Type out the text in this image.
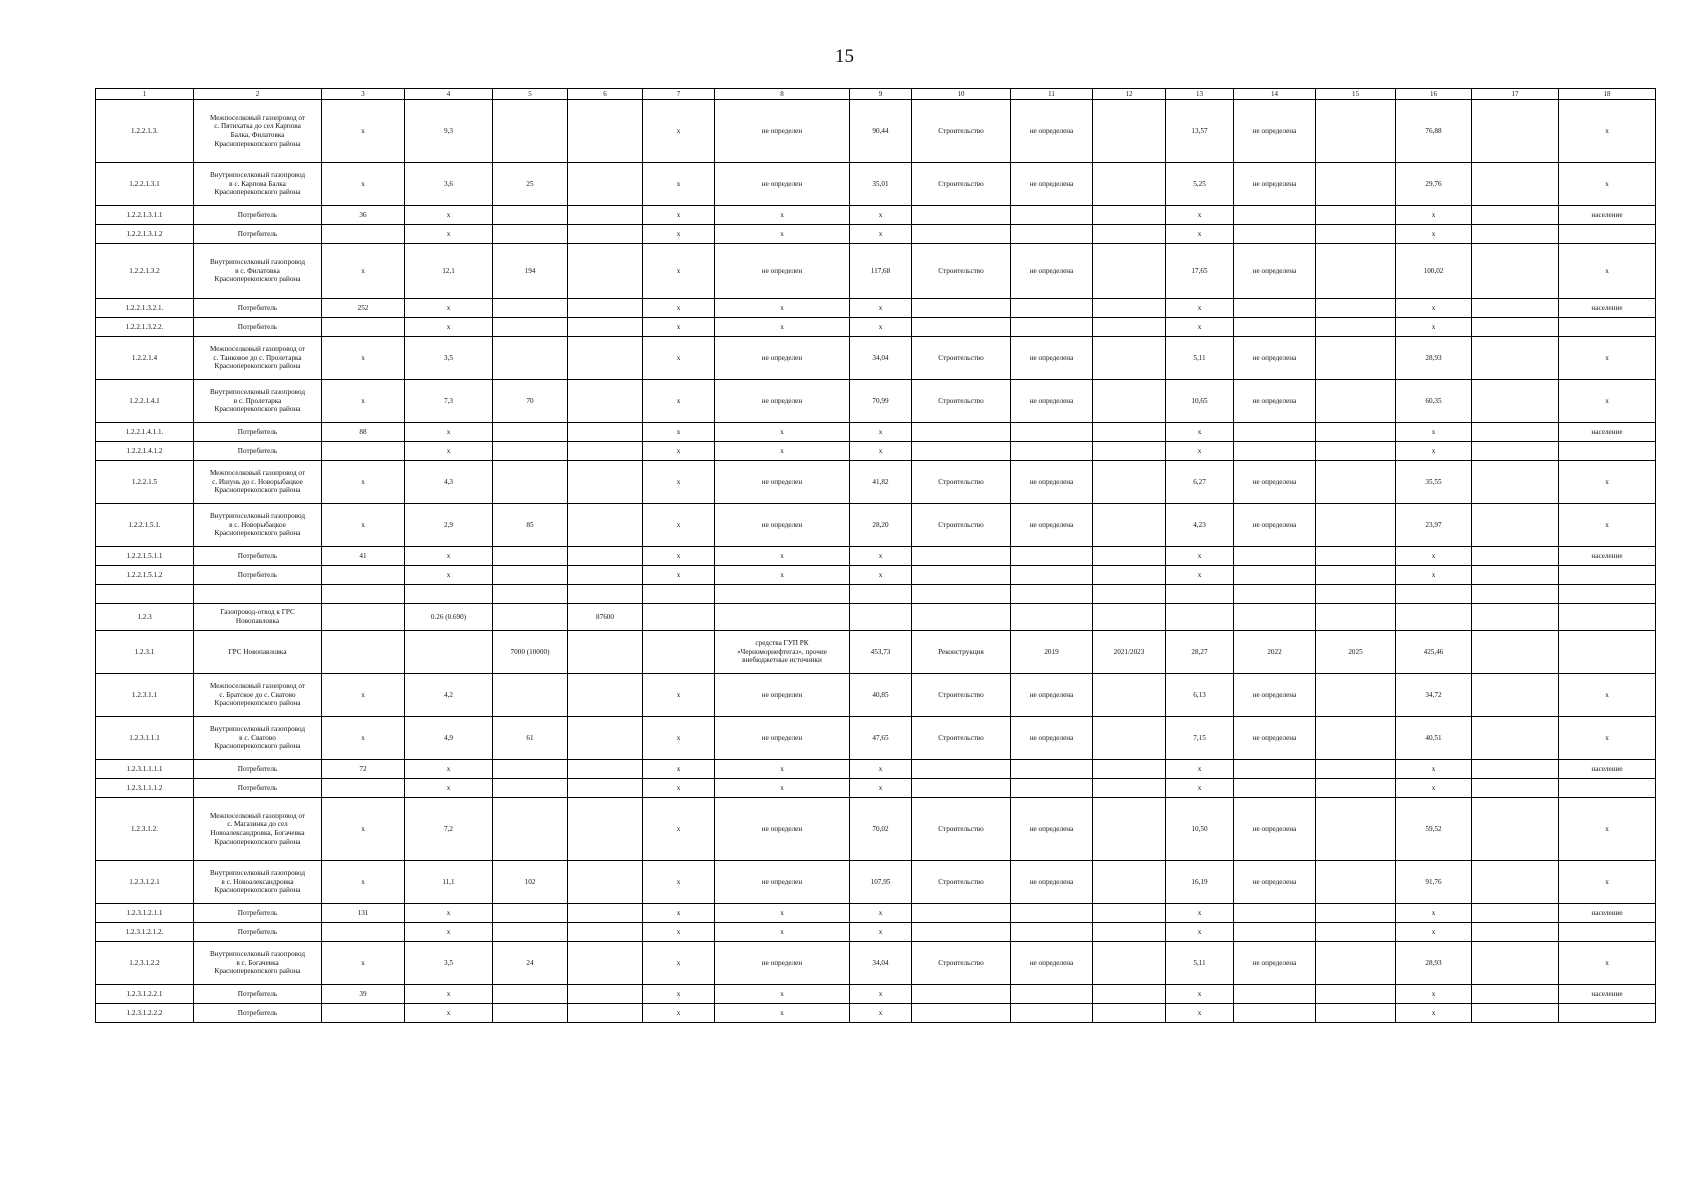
15
1	2	3	4	5	6	7	8	9	10	11	12	13	14	15	16	17	18
1.2.2.1.3.	Межпоселковый газопровод от
с. Пятихатка до сел Карпова
Балка, Филатовка
Красноперекопского района	x	9,3			x	не определен	90,44	Строительство	не определена		13,57	не определена		76,88		x
1.2.2.1.3.1	Внутрипоселковый газопровод
в с. Карпова Балка
Красноперекопского района	x	3,6	25		x	не определен	35,01	Строительство	не определена		5,25	не определена		29,76		x
1.2.2.1.3.1.1	Потребитель	36	x			x	x	x				x			x		население
1.2.2.1.3.1.2	Потребитель		x			x	x	x				x			x		
1.2.2.1.3.2	Внутрипоселковый газопровод
в с. Филатовка
Красноперекопского района	x	12,1	194		x	не определен	117,68	Строительство	не определена		17,65	не определена		100,02		x
1.2.2.1.3.2.1.	Потребитель	252	x			x	x	x				x			x		население
1.2.2.1.3.2.2.	Потребитель		x			x	x	x				x			x		
1.2.2.1.4	Межпоселковый газопровод от
с. Танковое до с. Пролетарка
Красноперекопского района	x	3,5			x	не определен	34,04	Строительство	не определена		5,11	не определена		28,93		x
1.2.2.1.4.1	Внутрипоселковый газопровод
в с. Пролетарка
Красноперекопского района	x	7,3	70		x	не определен	70,99	Строительство	не определена		10,65	не определена		60,35		x
1.2.2.1.4.1.1.	Потребитель	88	x			x	x	x				x			x		население
1.2.2.1.4.1.2	Потребитель		x			x	x	x				x			x		
1.2.2.1.5	Межпоселковый газопровод от
с. Ишунь до с. Новорыбацкое
Красноперекопского района	x	4,3			x	не определен	41,82	Строительство	не определена		6,27	не определена		35,55		x
1.2.2.1.5.1.	Внутрипоселковый газопровод
в с. Новорыбацкое
Красноперекопского района	x	2,9	85		x	не определен	28,20	Строительство	не определена		4,23	не определена		23,97		x
1.2.2.1.5.1.1	Потребитель	41	x			x	x	x				x			x		население
1.2.2.1.5.1.2	Потребитель		x			x	x	x				x			x		

1.2.3	Газопровод-отвод к ГРС
Новопавловка		0.26 (0.690)		87600												
1.2.3.1	ГРС Новопавловка			7000 (10000)			средства ГУП РК
«Черноморнефтегаз», прочие
внебюджетные источники	453,73	Реконструкция	2019	2021/2023	28,27	2022	2025	425,46		
1.2.3.1.1	Межпоселковый газопровод от
с. Братское до с. Сватово
Красноперекопского района	x	4,2			x	не определен	40,85	Строительство	не определена		6,13	не определена		34,72		x
1.2.3.1.1.1	Внутрипоселковый газопровод
в с. Сватово
Красноперекопского района	x	4,9	61		x	не определен	47,65	Строительство	не определена		7,15	не определена		40,51		x
1.2.3.1.1.1.1	Потребитель	72	x			x	x	x				x			x		население
1.2.3.1.1.1.2	Потребитель		x			x	x	x				x			x		
1.2.3.1.2.	Межпоселковый газопровод от
с. Магазинка до сел
Новоалександровка, Богачевка
Красноперекопского района	x	7,2			x	не определен	70,02	Строительство	не определена		10,50	не определена		59,52		x
1.2.3.1.2.1	Внутрипоселковый газопровод
в с. Новоалександровка
Красноперекопского района	x	11,1	102		x	не определен	107,95	Строительство	не определена		16,19	не определена		91,76		x
1.2.3.1.2.1.1	Потребитель	131	x			x	x	x				x			x		население
1.2.3.1.2.1.2.	Потребитель		x			x	x	x				x			x		
1.2.3.1.2.2	Внутрипоселковый газопровод
в с. Богачевка
Красноперекопского района	x	3,5	24		x	не определен	34,04	Строительство	не определена		5,11	не определена		28,93		x
1.2.3.1.2.2.1	Потребитель	39	x			x	x	x				x			x		население
1.2.3.1.2.2.2	Потребитель		x			x	x	x				x			x		
